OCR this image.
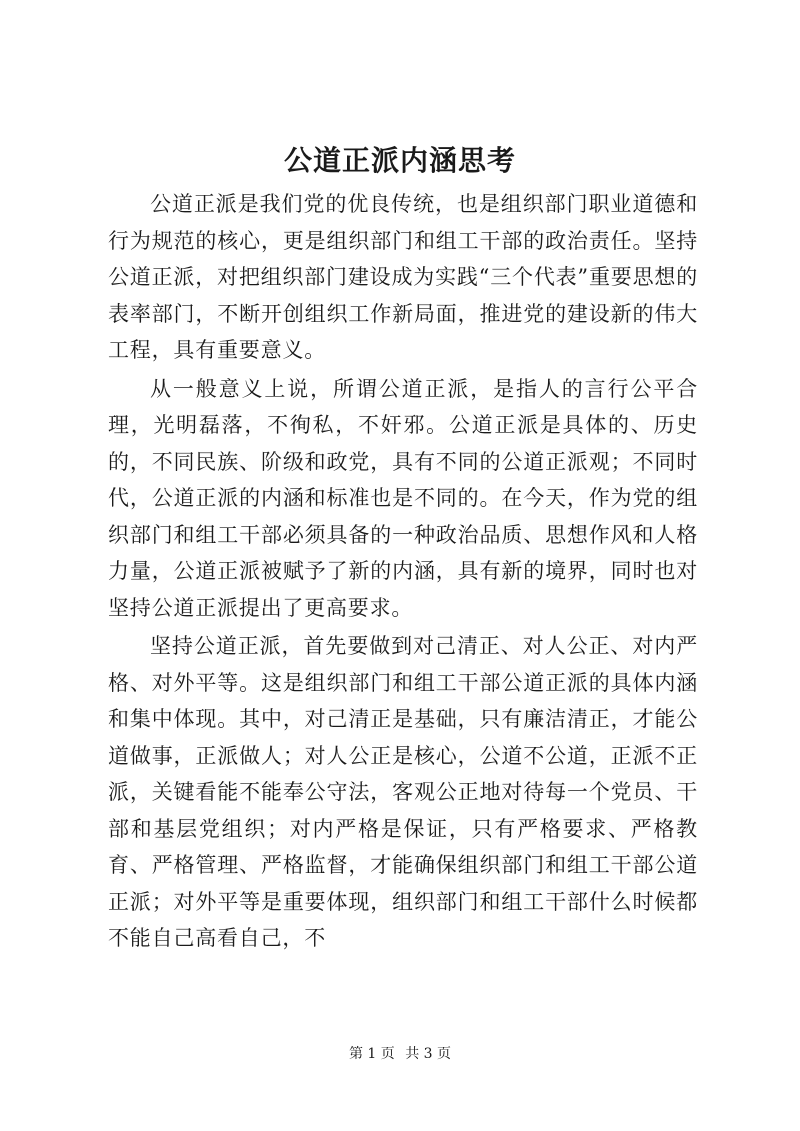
公道正派内涵思考

公道正派是我们党的优良传统，也是组织部门职业道德和行为规范的核心，更是组织部门和组工干部的政治责任。坚持公道正派，对把组织部门建设成为实践“三个代表”重要思想的表率部门，不断开创组织工作新局面，推进党的建设新的伟大工程，具有重要意义。

从一般意义上说，所谓公道正派，是指人的言行公平合理，光明磊落，不徇私，不奸邪。公道正派是具体的、历史的，不同民族、阶级和政党，具有不同的公道正派观；不同时代，公道正派的内涵和标准也是不同的。在今天，作为党的组织部门和组工干部必须具备的一种政治品质、思想作风和人格力量，公道正派被赋予了新的内涵，具有新的境界，同时也对坚持公道正派提出了更高要求。

坚持公道正派，首先要做到对己清正、对人公正、对内严格、对外平等。这是组织部门和组工干部公道正派的具体内涵和集中体现。其中，对己清正是基础，只有廉洁清正，才能公道做事，正派做人；对人公正是核心，公道不公道，正派不正派，关键看能不能奉公守法，客观公正地对待每一个党员、干部和基层党组织；对内严格是保证，只有严格要求、严格教育、严格管理、严格监督，才能确保组织部门和组工干部公道正派；对外平等是重要体现，组织部门和组工干部什么时候都不能自己高看自己，不

第 1 页 共 3 页
